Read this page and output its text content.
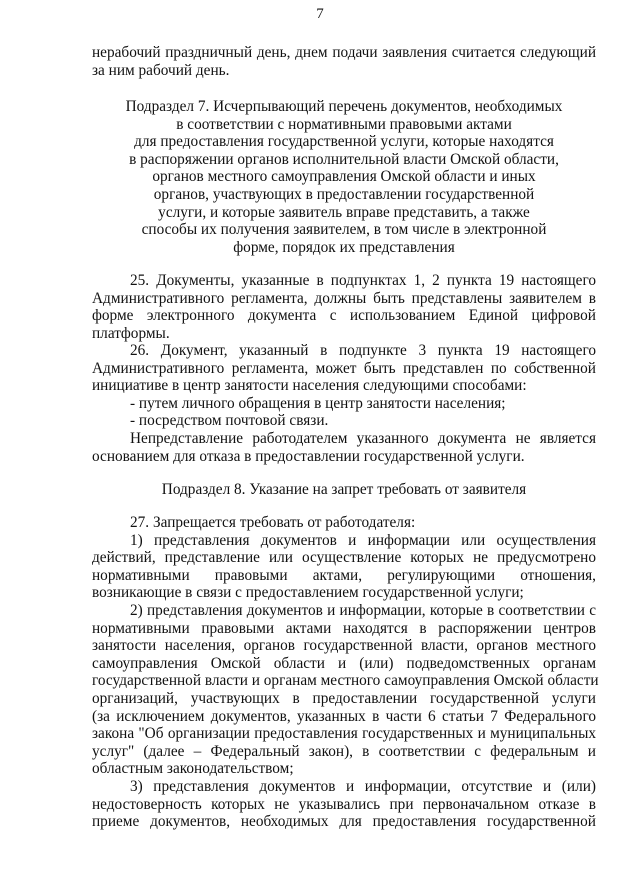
7
нерабочий праздничный день, днем подачи заявления считается следующий
за ним рабочий день.
Подраздел 7. Исчерпывающий перечень документов, необходимых
в соответствии с нормативными правовыми актами
для предоставления государственной услуги, которые находятся
в распоряжении органов исполнительной власти Омской области,
органов местного самоуправления Омской области и иных
органов, участвующих в предоставлении государственной
услуги, и которые заявитель вправе представить, а также
способы их получения заявителем, в том числе в электронной
форме, порядок их представления
25. Документы, указанные в подпунктах 1, 2 пункта 19 настоящего
Административного регламента, должны быть представлены заявителем в
форме электронного документа с использованием Единой цифровой
платформы.
26. Документ, указанный в подпункте 3 пункта 19 настоящего
Административного регламента, может быть представлен по собственной
инициативе в центр занятости населения следующими способами:
- путем личного обращения в центр занятости населения;
- посредством почтовой связи.
Непредставление работодателем указанного документа не является
основанием для отказа в предоставлении государственной услуги.
Подраздел 8. Указание на запрет требовать от заявителя
27. Запрещается требовать от работодателя:
1) представления документов и информации или осуществления
действий, представление или осуществление которых не предусмотрено
нормативными правовыми актами, регулирующими отношения,
возникающие в связи с предоставлением государственной услуги;
2) представления документов и информации, которые в соответствии с
нормативными правовыми актами находятся в распоряжении центров
занятости населения, органов государственной власти, органов местного
самоуправления Омской области и (или) подведомственных органам
государственной власти и органам местного самоуправления Омской области
организаций, участвующих в предоставлении государственной услуги
(за исключением документов, указанных в части 6 статьи 7 Федерального
закона "Об организации предоставления государственных и муниципальных
услуг" (далее – Федеральный закон), в соответствии с федеральным и
областным законодательством;
3) представления документов и информации, отсутствие и (или)
недостоверность которых не указывались при первоначальном отказе в
приеме документов, необходимых для предоставления государственной
